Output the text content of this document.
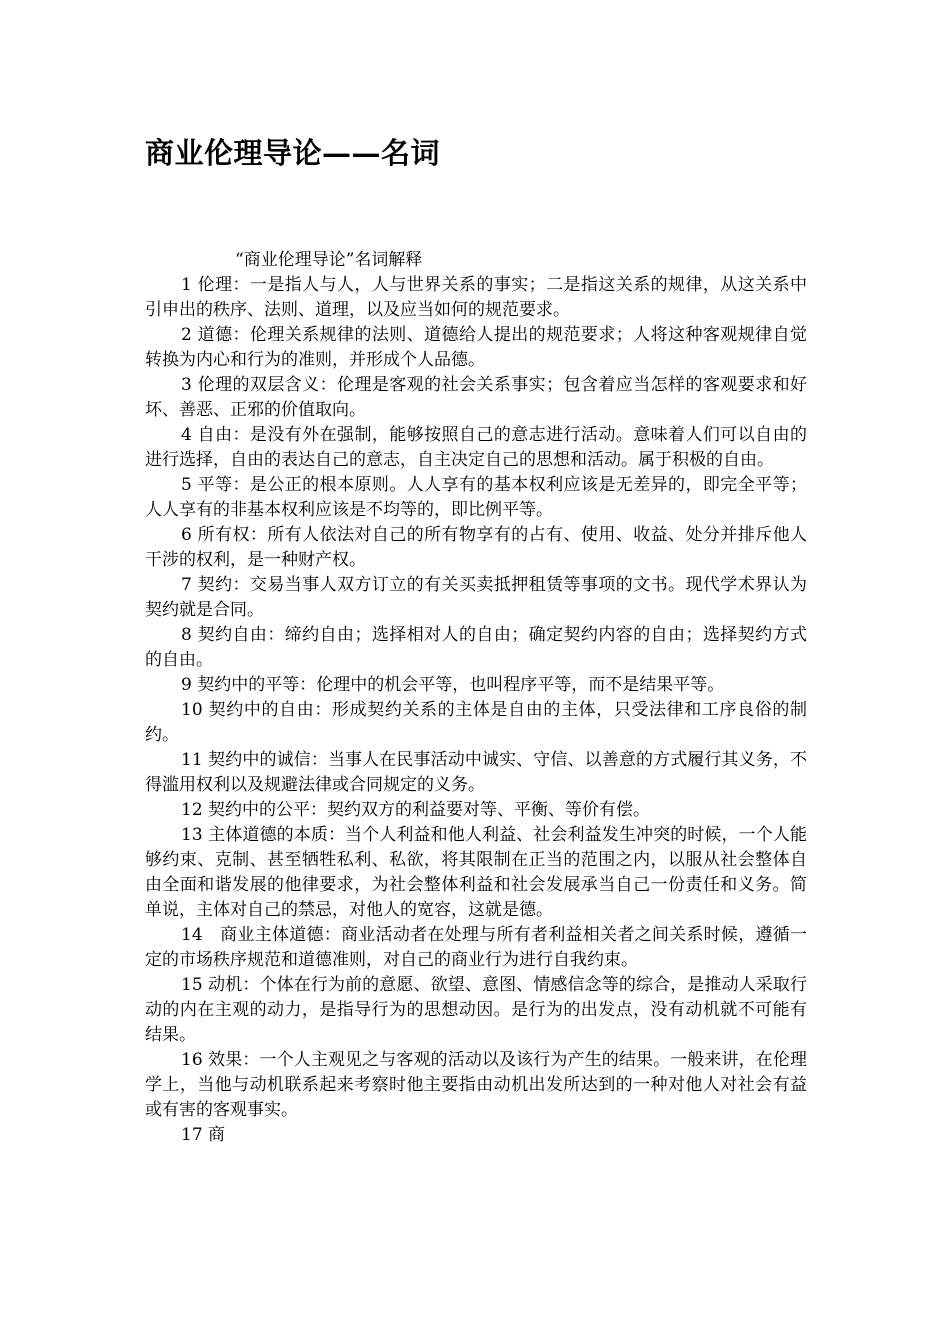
商业伦理导论——名词

“商业伦理导论”名词解释

1 伦理：一是指人与人，人与世界关系的事实；二是指这关系的规律，从这关系中引申出的秩序、法则、道理，以及应当如何的规范要求。
2 道德：伦理关系规律的法则、道德给人提出的规范要求；人将这种客观规律自觉转换为内心和行为的准则，并形成个人品德。
3 伦理的双层含义：伦理是客观的社会关系事实；包含着应当怎样的客观要求和好坏、善恶、正邪的价值取向。
4 自由：是没有外在强制，能够按照自己的意志进行活动。意味着人们可以自由的进行选择，自由的表达自己的意志，自主决定自己的思想和活动。属于积极的自由。
5 平等：是公正的根本原则。人人享有的基本权利应该是无差异的，即完全平等；人人享有的非基本权利应该是不均等的，即比例平等。
6 所有权：所有人依法对自己的所有物享有的占有、使用、收益、处分并排斥他人干涉的权利，是一种财产权。
7 契约：交易当事人双方订立的有关买卖抵押租赁等事项的文书。现代学术界认为契约就是合同。
8 契约自由：缔约自由；选择相对人的自由；确定契约内容的自由；选择契约方式的自由。
9 契约中的平等：伦理中的机会平等，也叫程序平等，而不是结果平等。
10 契约中的自由：形成契约关系的主体是自由的主体，只受法律和工序良俗的制约。
11 契约中的诚信：当事人在民事活动中诚实、守信、以善意的方式履行其义务，不得滥用权利以及规避法律或合同规定的义务。
12 契约中的公平：契约双方的利益要对等、平衡、等价有偿。
13 主体道德的本质：当个人利益和他人利益、社会利益发生冲突的时候，一个人能够约束、克制、甚至牺牲私利、私欲，将其限制在正当的范围之内，以服从社会整体自由全面和谐发展的他律要求，为社会整体利益和社会发展承当自己一份责任和义务。简单说，主体对自己的禁忌，对他人的宽容，这就是德。
14　商业主体道德：商业活动者在处理与所有者利益相关者之间关系时候，遵循一定的市场秩序规范和道德准则，对自己的商业行为进行自我约束。
15 动机：个体在行为前的意愿、欲望、意图、情感信念等的综合，是推动人采取行动的内在主观的动力，是指导行为的思想动因。是行为的出发点，没有动机就不可能有结果。
16 效果：一个人主观见之与客观的活动以及该行为产生的结果。一般来讲，在伦理学上，当他与动机联系起来考察时他主要指由动机出发所达到的一种对他人对社会有益或有害的客观事实。
17 商
